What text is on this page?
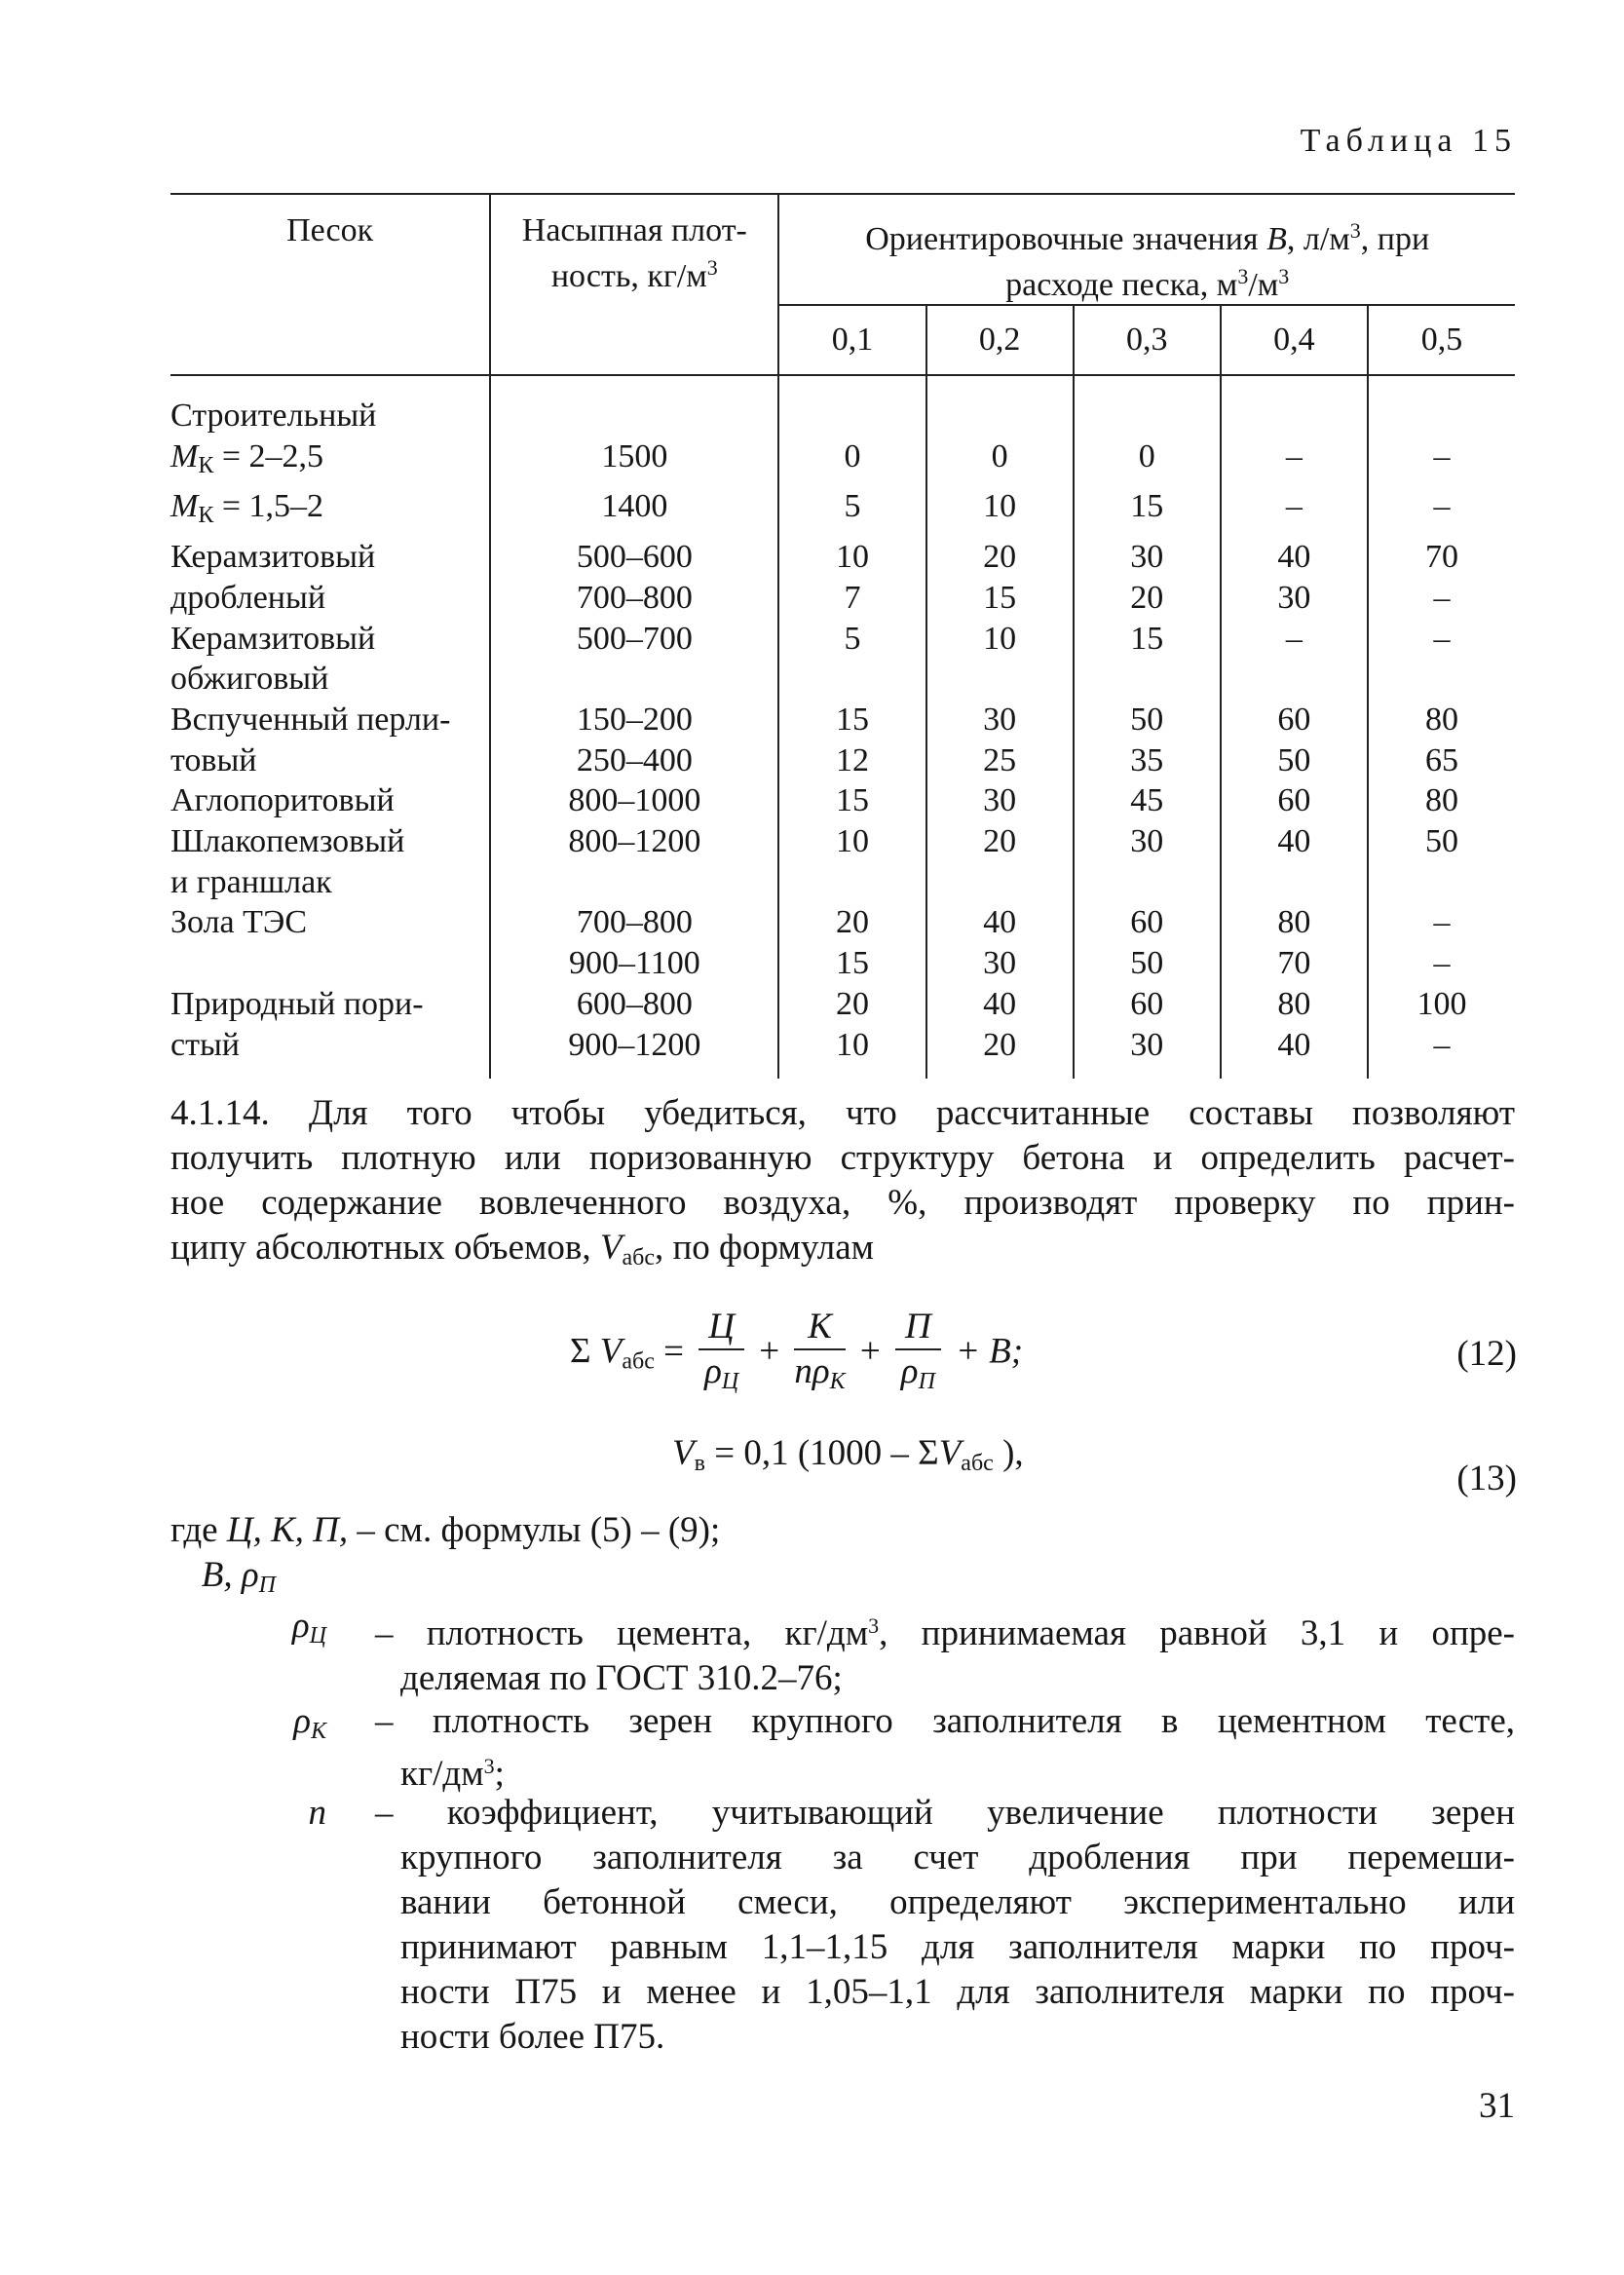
Таблица 15
Песок	Насыпная плот-
ность, $кг/м^3$	Ориентировочные значения В, $л/м^3$, при
расходе песка, $м^3/м^3$
		0,1	0,2	0,3	0,4	0,5

Строительный						
$М_К = 2-2,5$	1500	0	0	0	–	–
$М_К = 1,5-2$	1400	5	10	15	–	–
Керамзитовый	500–600	10	20	30	40	70
дробленый	700–800	7	15	20	30	–
Керамзитовый	500–700	5	10	15	–	–
обжиговый						
Вспученный перли-	150–200	15	30	50	60	80
товый	250–400	12	25	35	50	65
Аглопоритовый	800–1000	15	30	45	60	80
Шлакопемзовый	800–1200	10	20	30	40	50
и граншлак						
Зола ТЭС	700–800	20	40	60	80	–
	900–1100	15	30	50	70	–
Природный пори-	600–800	20	40	60	80	100
стый	900–1200	10	20	30	40	–

4.1.14. Для того чтобы убедиться, что рассчитанные составы позволяют
получить плотную или поризованную структуру бетона и определить расчет-
ное содержание вовлеченного воздуха, %, производят проверку по прин-
ципу абсолютных объемов, $V_{абс}$, по формулам
Σ $V_{абс} = \frac{Ц}{\rho_Ц} + \frac{К}{n\rho_К} + \frac{П}{\rho_П} + В$;	(12)
$V_в = 0,1$ ($1000 - \Sigma V_{абс}$ ),
(13)
где Ц, К, П, – см. формулы (5) – (9);
В, $\rho_П$
$\rho_Ц$ – плотность цемента, $кг/дм^3$, принимаемая равной 3,1 и опре-
деляемая по ГОСТ 310.2–76;
$\rho_К$ – плотность зерен крупного заполнителя в цементном тесте,
$кг/дм^3$;
n – коэффициент, учитывающий увеличение плотности зерен
крупного заполнителя за счет дробления при перемеши-
вании бетонной смеси, определяют экспериментально или
принимают равным 1,1–1,15 для заполнителя марки по проч-
ности П75 и менее и 1,05–1,1 для заполнителя марки по проч-
ности более П75.
31
